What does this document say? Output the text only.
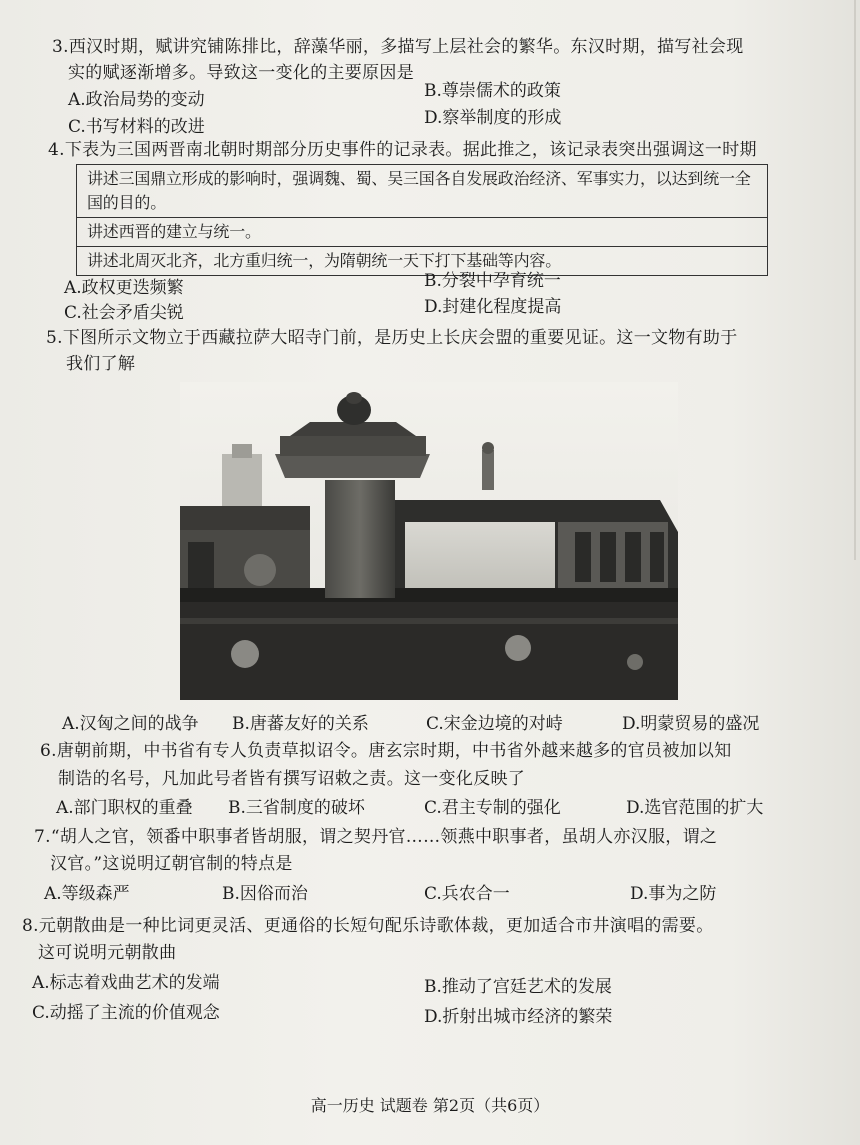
3.西汉时期，赋讲究铺陈排比，辞藻华丽，多描写上层社会的繁华。东汉时期，描写社会现
实的赋逐渐增多。导致这一变化的主要原因是
A.政治局势的变动	B.尊崇儒术的政策
C.书写材料的改进	D.察举制度的形成
4.下表为三国两晋南北朝时期部分历史事件的记录表。据此推之，该记录表突出强调这一时期
讲述三国鼎立形成的影响时，强调魏、蜀、吴三国各自发展政治经济、军事实力，以达到统一全国的目的。
讲述西晋的建立与统一。
讲述北周灭北齐，北方重归统一，为隋朝统一天下打下基础等内容。
A.政权更迭频繁	B.分裂中孕育统一
C.社会矛盾尖锐	D.封建化程度提高
5.下图所示文物立于西藏拉萨大昭寺门前，是历史上长庆会盟的重要见证。这一文物有助于
我们了解
A.汉匈之间的战争 B.唐蕃友好的关系	C.宋金边境的对峙	D.明蒙贸易的盛况
6.唐朝前期，中书省有专人负责草拟诏令。唐玄宗时期，中书省外越来越多的官员被加以知
制诰的名号，凡加此号者皆有撰写诏敕之责。这一变化反映了
A.部门职权的重叠 B.三省制度的破坏	C.君主专制的强化	D.选官范围的扩大
7.“胡人之官，领番中职事者皆胡服，谓之契丹官……领燕中职事者，虽胡人亦汉服，谓之
汉官。”这说明辽朝官制的特点是
A.等级森严	B.因俗而治	C.兵农合一	D.事为之防
8.元朝散曲是一种比词更灵活、更通俗的长短句配乐诗歌体裁，更加适合市井演唱的需要。
这可说明元朝散曲
A.标志着戏曲艺术的发端	B.推动了宫廷艺术的发展
C.动摇了主流的价值观念	D.折射出城市经济的繁荣
高一历史 试题卷 第2页（共6页）
